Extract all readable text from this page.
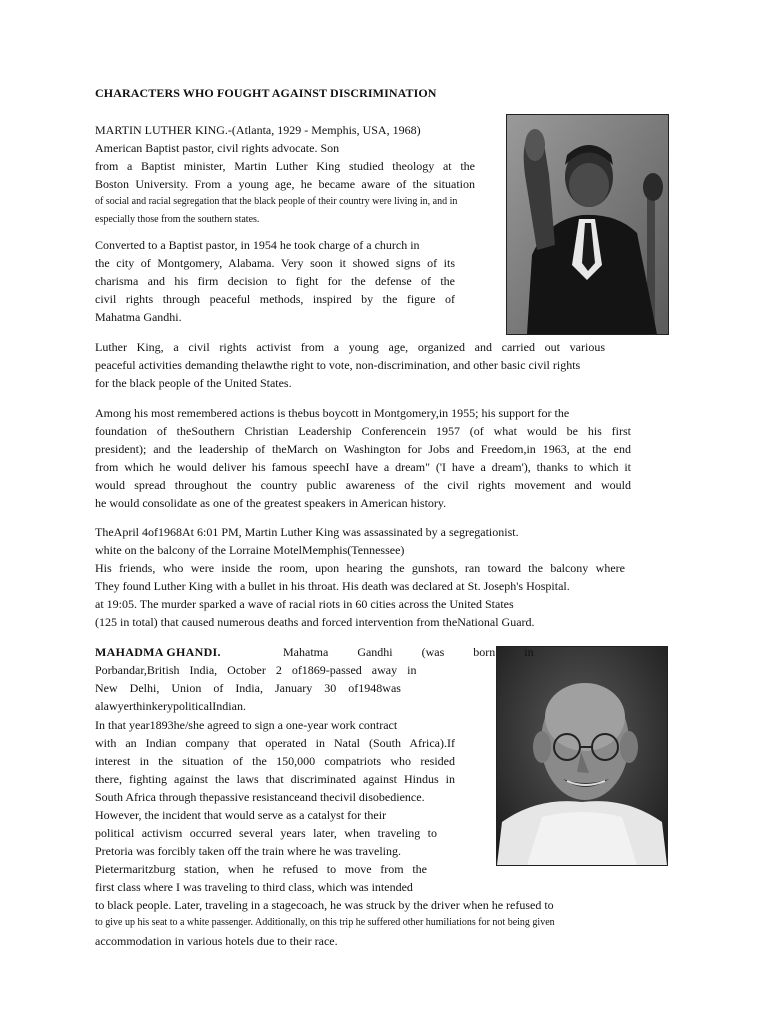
CHARACTERS WHO FOUGHT AGAINST DISCRIMINATION
MARTIN LUTHER KING.-(Atlanta, 1929 - Memphis, USA, 1968)
American Baptist pastor, civil rights advocate. Son
from a Baptist minister, Martin Luther King studied theology at the
Boston University. From a young age, he became aware of the situation
of social and racial segregation that the black people of their country were living in, and in
especially those from the southern states.
Converted to a Baptist pastor, in 1954 he took charge of a church in
the city of Montgomery, Alabama. Very soon it showed signs of its
charisma and his firm decision to fight for the defense of the
civil rights through peaceful methods, inspired by the figure of
Mahatma Gandhi.
Luther King, a civil rights activist from a young age, organized and carried out various
peaceful activities demanding thelawthe right to vote, non-discrimination, and other basic civil rights
for the black people of the United States.
Among his most remembered actions is thebus boycott in Montgomery,in 1955; his support for the
foundation of theSouthern Christian Leadership Conferencein 1957 (of what would be his first
president); and the leadership of theMarch on Washington for Jobs and Freedom,in 1963, at the end
from which he would deliver his famous speechI have a dream" ('I have a dream'), thanks to which it
would spread throughout the country public awareness of the civil rights movement and would
he would consolidate as one of the greatest speakers in American history.
TheApril 4of1968At 6:01 PM, Martin Luther King was assassinated by a segregationist.
white on the balcony of the Lorraine MotelMemphis(Tennessee)
His friends, who were inside the room, upon hearing the gunshots, ran toward the balcony where
They found Luther King with a bullet in his throat. His death was declared at St. Joseph's Hospital.
at 19:05. The murder sparked a wave of racial riots in 60 cities across the United States
(125 in total) that caused numerous deaths and forced intervention from theNational Guard.
MAHADMA GHANDI.	Mahatma Gandhi (was born in
Porbandar,British India, October 2 of1869-passed away in
New Delhi, Union of India, January 30 of1948was
alawyerthinkerypoliticalIndian.
In that year1893he/she agreed to sign a one-year work contract
with an Indian company that operated in Natal (South Africa).If
interest in the situation of the 150,000 compatriots who resided
there, fighting against the laws that discriminated against Hindus in
South Africa through thepassive resistanceand thecivil disobedience.
However, the incident that would serve as a catalyst for their
political activism occurred several years later, when traveling to
Pretoria was forcibly taken off the train where he was traveling.
Pietermaritzburg station, when he refused to move from the
first class where I was traveling to third class, which was intended
to black people. Later, traveling in a stagecoach, he was struck by the driver when he refused to
to give up his seat to a white passenger. Additionally, on this trip he suffered other humiliations for not being given
accommodation in various hotels due to their race.
